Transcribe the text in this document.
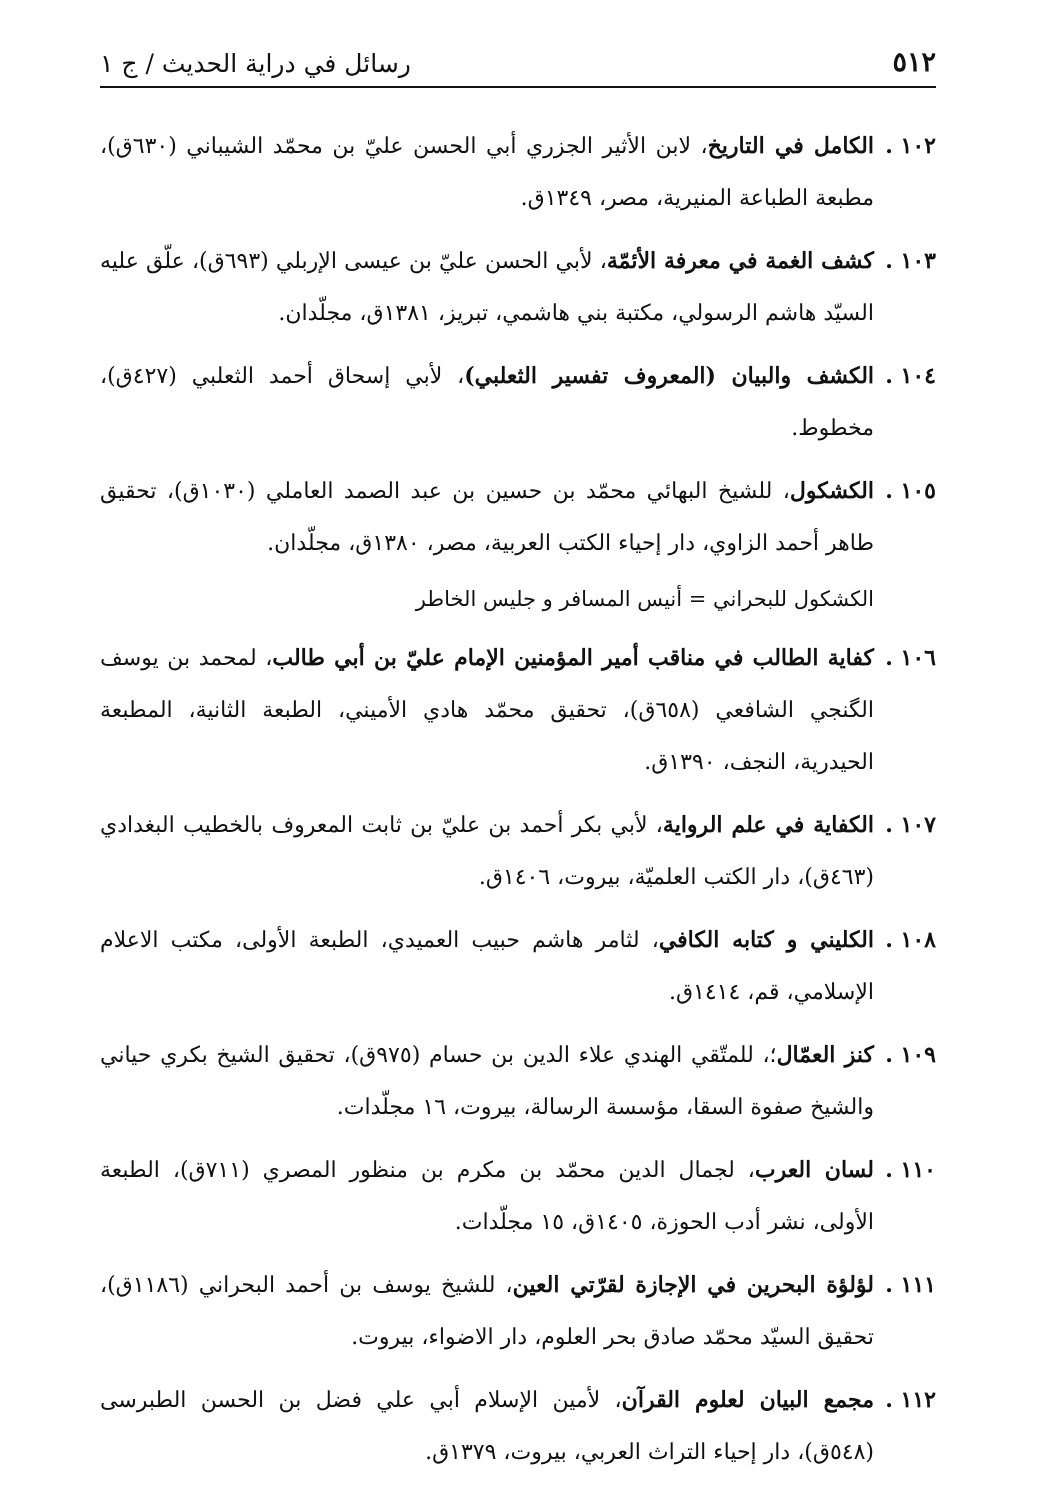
٥١٢
رسائل في دراية الحديث / ج ١
١٠٢ .
الكامل في التاريخ، لابن الأثير الجزري أبي الحسن عليّ بن محمّد الشيباني (٦٣٠ق)، مطبعة الطباعة المنيرية، مصر، ١٣٤٩ق.
١٠٣ .
كشف الغمة في معرفة الأئمّة، لأبي الحسن عليّ بن عيسى الإربلي (٦٩٣ق)، علّق عليه السيّد هاشم الرسولي، مكتبة بني هاشمي، تبريز، ١٣٨١ق، مجلّدان.
١٠٤ .
الكشف والبيان (المعروف تفسير الثعلبي)، لأبي إسحاق أحمد الثعلبي (٤٢٧ق)، مخطوط.
١٠٥ .
الكشكول، للشيخ البهائي محمّد بن حسين بن عبد الصمد العاملي (١٠٣٠ق)، تحقيق طاهر أحمد الزاوي، دار إحياء الكتب العربية، مصر، ١٣٨٠ق، مجلّدان.
الكشكول للبحراني = أنيس المسافر و جليس الخاطر
١٠٦ .
كفاية الطالب في مناقب أمير المؤمنين الإمام عليّ بن أبي طالب، لمحمد بن يوسف الگنجي الشافعي (٦٥٨ق)، تحقيق محمّد هادي الأميني، الطبعة الثانية، المطبعة الحيدرية، النجف، ١٣٩٠ق.
١٠٧ .
الكفاية في علم الرواية، لأبي بكر أحمد بن عليّ بن ثابت المعروف بالخطيب البغدادي (٤٦٣ق)، دار الكتب العلميّة، بيروت، ١٤٠٦ق.
١٠٨ .
الكليني و كتابه الكافي، لثامر هاشم حبيب العميدي، الطبعة الأولى، مكتب الاعلام الإسلامي، قم، ١٤١٤ق.
١٠٩ .
كنز العمّال؛، للمتّقي الهندي علاء الدين بن حسام (٩٧٥ق)، تحقيق الشيخ بكري حياني والشيخ صفوة السقا، مؤسسة الرسالة، بيروت، ١٦ مجلّدات.
١١٠ .
لسان العرب، لجمال الدين محمّد بن مكرم بن منظور المصري (٧١١ق)، الطبعة الأولى، نشر أدب الحوزة، ١٤٠٥ق، ١٥ مجلّدات.
١١١ .
لؤلؤة البحرين في الإجازة لقرّتي العين، للشيخ يوسف بن أحمد البحراني (١١٨٦ق)، تحقيق السيّد محمّد صادق بحر العلوم، دار الاضواء، بيروت.
١١٢ .
مجمع البيان لعلوم القرآن، لأمين الإسلام أبي علي فضل بن الحسن الطبرسى (٥٤٨ق)، دار إحياء التراث العربي، بيروت، ١٣٧٩ق.
